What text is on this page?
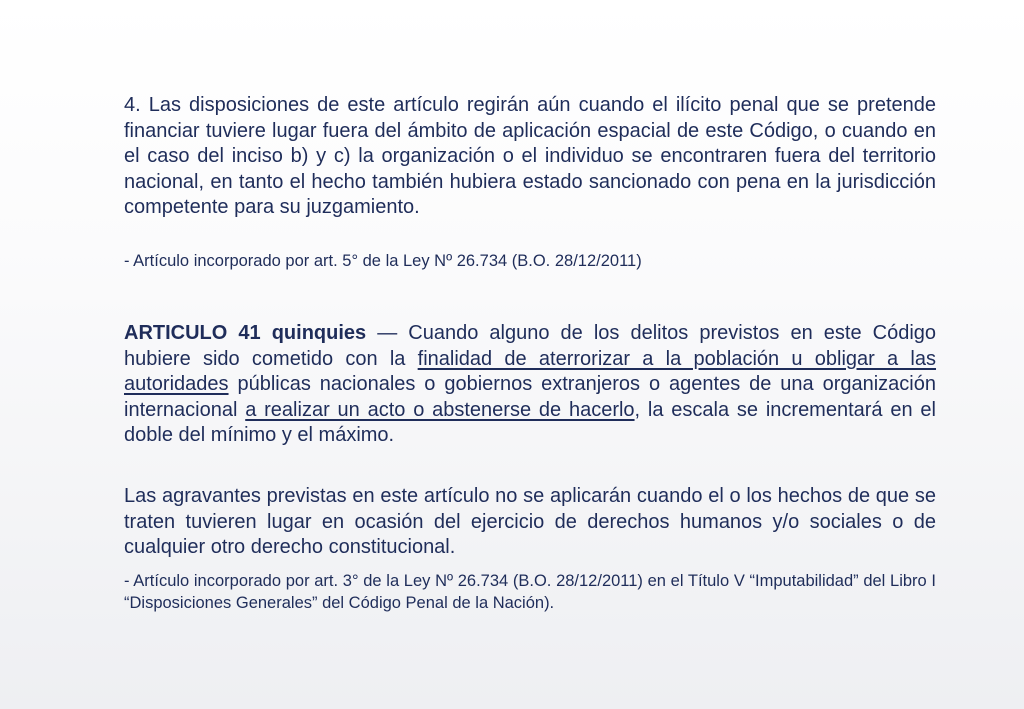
4. Las disposiciones de este artículo regirán aún cuando el ilícito penal que se pretende financiar tuviere lugar fuera del ámbito de aplicación espacial de este Código, o cuando en el caso del inciso b) y c) la organización o el individuo se encontraren fuera del territorio nacional, en tanto el hecho también hubiera estado sancionado con pena en la jurisdicción competente para su juzgamiento.
- Artículo incorporado por art. 5° de la Ley Nº 26.734 (B.O. 28/12/2011)
ARTICULO 41 quinquies — Cuando alguno de los delitos previstos en este Código hubiere sido cometido con la finalidad de aterrorizar a la población u obligar a las autoridades públicas nacionales o gobiernos extranjeros o agentes de una organización internacional a realizar un acto o abstenerse de hacerlo, la escala se incrementará en el doble del mínimo y el máximo.
Las agravantes previstas en este artículo no se aplicarán cuando el o los hechos de que se traten tuvieren lugar en ocasión del ejercicio de derechos humanos y/o sociales o de cualquier otro derecho constitucional.
- Artículo incorporado por art. 3° de la Ley Nº 26.734 (B.O. 28/12/2011) en el Título V “Imputabilidad” del Libro I “Disposiciones Generales” del Código Penal de la Nación).
